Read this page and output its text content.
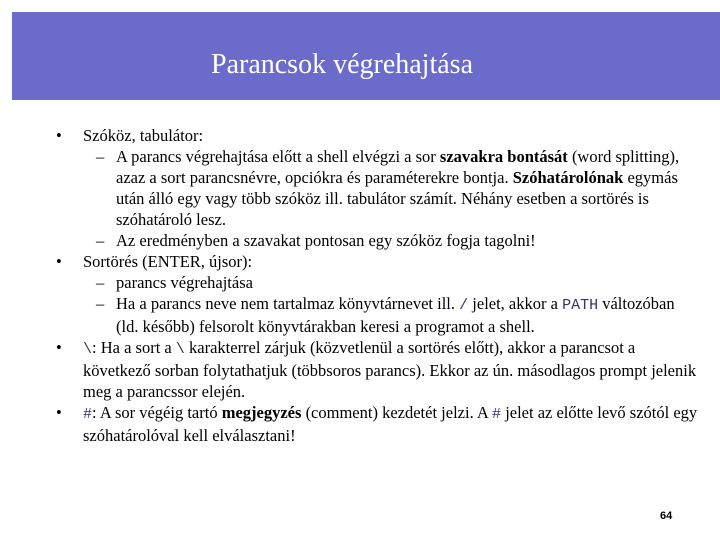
Parancsok végrehajtása
•	Szóköz, tabulátor:
– A parancs végrehajtása előtt a shell elvégzi a sor szavakra bontását (word splitting), azaz a sort parancsnévre, opciókra és paraméterekre bontja. Szóhatárolónak egymás után álló egy vagy több szóköz ill. tabulátor számít. Néhány esetben a sortörés is szóhatároló lesz.
– Az eredményben a szavakat pontosan egy szóköz fogja tagolni!
•	Sortörés (ENTER, újsor):
– parancs végrehajtása
– Ha a parancs neve nem tartalmaz könyvtárnevet ill. / jelet, akkor a PATH változóban (ld. később) felsorolt könyvtárakban keresi a programot a shell.
•	\: Ha a sort a \ karakterrel zárjuk (közvetlenül a sortörés előtt), akkor a parancsot a következő sorban folytathatjuk (többsoros parancs). Ekkor az ún. másodlagos prompt jelenik meg a parancssor elején.
•	#: A sor végéig tartó megjegyzés (comment) kezdetét jelzi. A # jelet az előtte levő szótól egy szóhatárolóval kell elválasztani!
64
